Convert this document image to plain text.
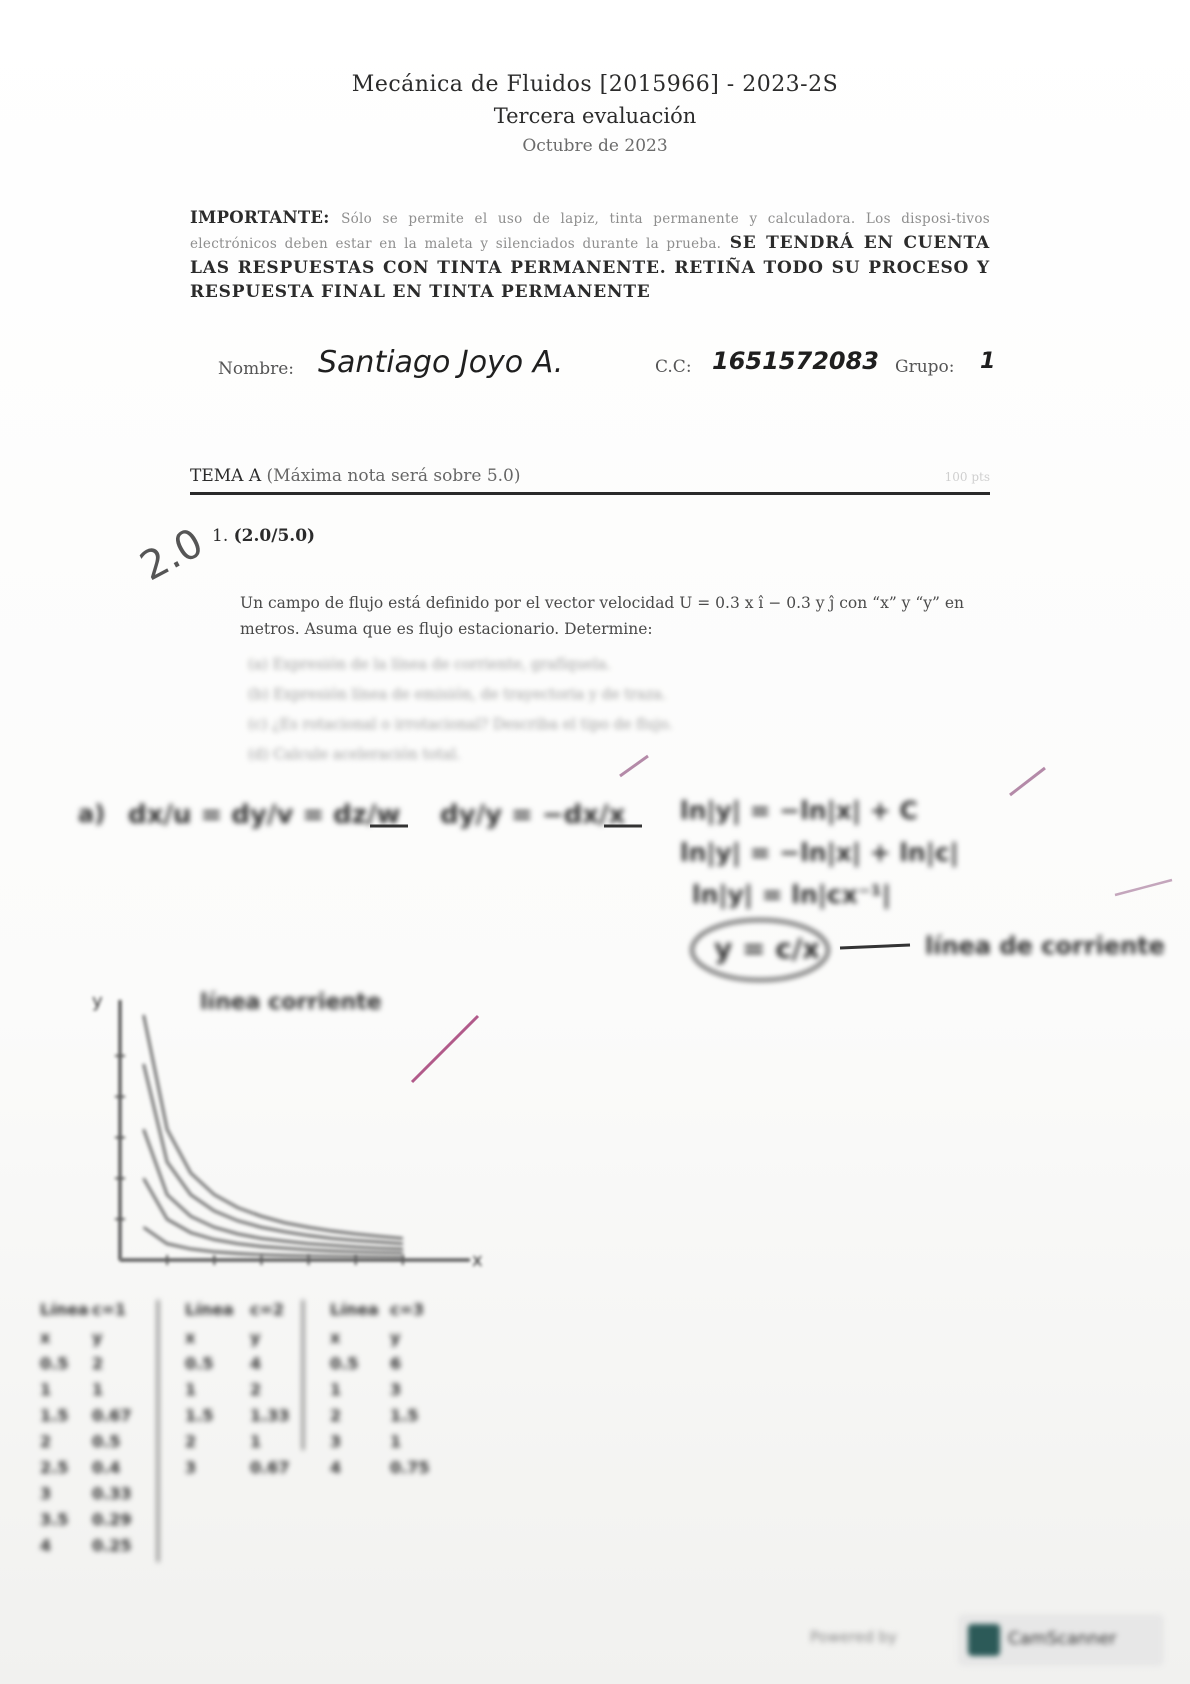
Mecánica de Fluidos [2015966] - 2023-2S
Tercera evaluación
Octubre de 2023
IMPORTANTE: Sólo se permite el uso de lapiz, tinta permanente y calculadora. Los disposi-tivos electrónicos deben estar en la maleta y silenciados durante la prueba. SE TENDRÁ EN CUENTA LAS RESPUESTAS CON TINTA PERMANENTE. RETIÑA TODO SU PROCESO Y RESPUESTA FINAL EN TINTA PERMANENTE
Nombre: Santiago Joyo A.	C.C: 1651572083 Grupo: 1
TEMA A (Máxima nota será sobre 5.0)	100 pts
2.0 1. (2.0/5.0)
Un campo de flujo está definido por el vector velocidad U = 0.3 x î − 0.3 y ĵ con “x” y “y” en metros. Asuma que es flujo estacionario. Determine:
(a) Expresión de la línea de corriente, grafíquela.
(b) Expresión línea de emisión, de trayectoria y de traza.
(c) ¿Es rotacional o irrotacional? Describa el tipo de flujo.
(d) Calcule aceleración total.
a) dx/u = dy/v = dz/w dy/y = −dx/x ln|y| = −ln|x| + C
ln|y| = −ln|x| + ln|c|
ln|y| = ln|cx⁻¹|
y = c/x	línea de corriente
línea corriente
x
y
Línea c=1
x	y
0.5 2
1	1
1.5 0.67
2	0.5
2.5 0.4
3	0.33
3.5 0.29
4	0.25
Línea c=2
x	y
0.5 4
1	2
1.5 1.33
2	1
3	0.67
Línea c=3
x	y
0.5 6
1	3
2	1.5
3	1
4	0.75
Powered by	CamScanner
